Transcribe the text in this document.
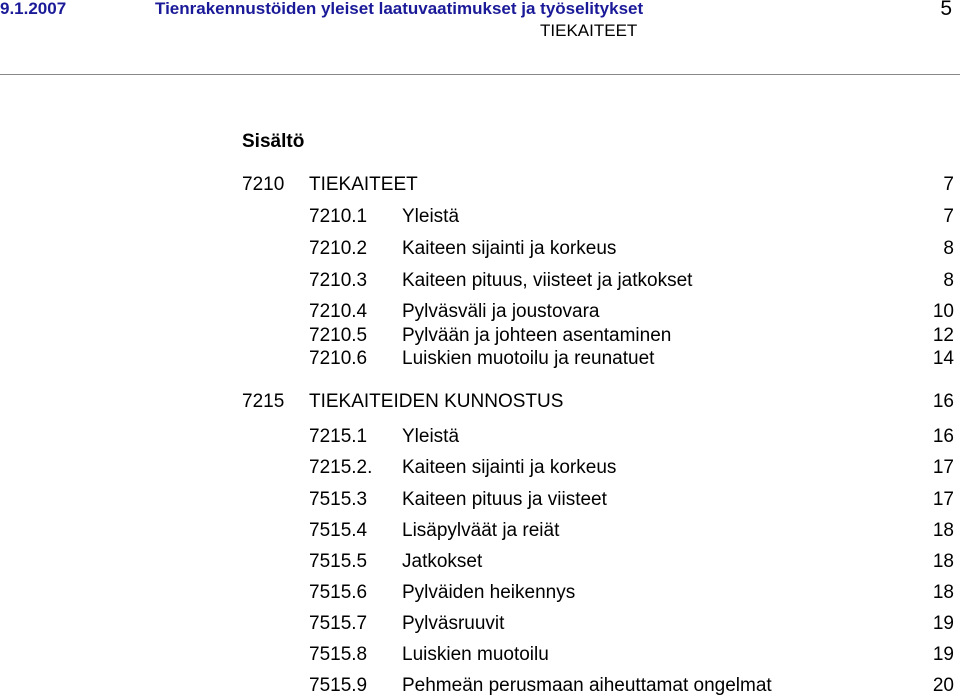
9.1.2007	Tienrakennustöiden yleiset laatuvaatimukset ja työselitykset	5
TIEKAITEET
Sisältö
7210 TIEKAITEET	7
7210.1 Yleistä	7
7210.2 Kaiteen sijainti ja korkeus	8
7210.3 Kaiteen pituus, viisteet ja jatkokset	8
7210.4 Pylväsväli ja joustovara	10
7210.5 Pylvään ja johteen asentaminen	12
7210.6 Luiskien muotoilu ja reunatuet	14
7215 TIEKAITEIDEN KUNNOSTUS	16
7215.1 Yleistä	16
7215.2. Kaiteen sijainti ja korkeus	17
7515.3 Kaiteen pituus ja viisteet	17
7515.4 Lisäpylväät ja reiät	18
7515.5 Jatkokset	18
7515.6 Pylväiden heikennys	18
7515.7 Pylväsruuvit	19
7515.8 Luiskien muotoilu	19
7515.9 Pehmeän perusmaan aiheuttamat ongelmat	20
